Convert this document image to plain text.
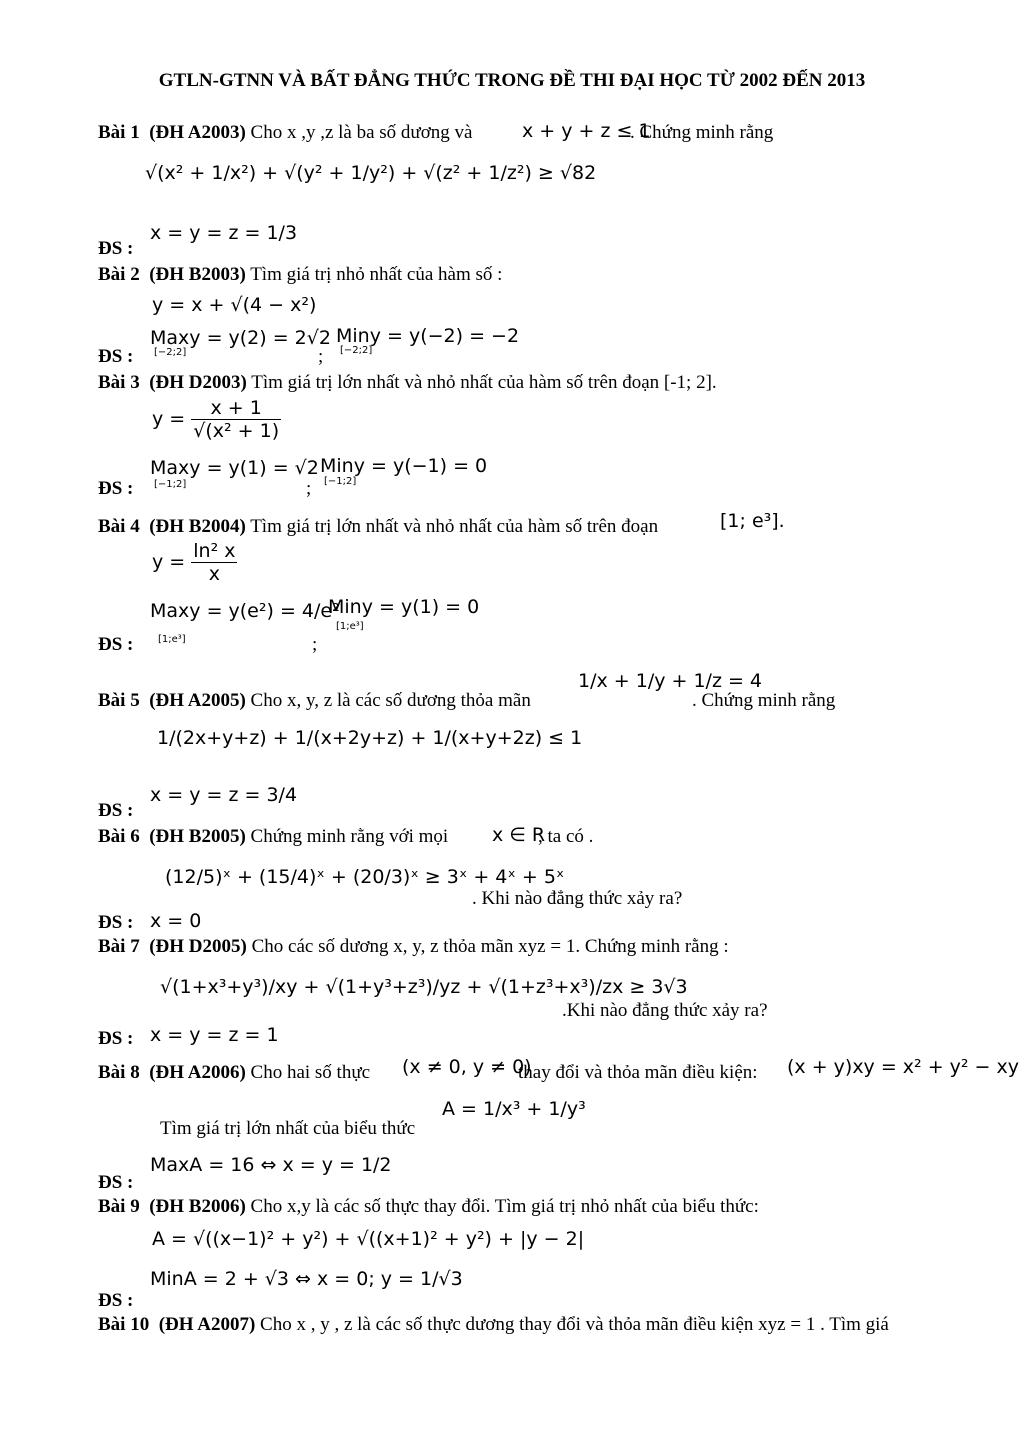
GTLN-GTNN VÀ BẤT ĐẲNG THỨC TRONG ĐỀ THI ĐẠI HỌC TỪ 2002 ĐẾN 2013
Bài 1 (ĐH A2003) Cho x ,y ,z là ba số dương và	x + y + z ≤ 1
. Chứng minh rằng
√(x² + 1/x²) + √(y² + 1/y²) + √(z² + 1/z²) ≥ √82
ĐS :
x = y = z = 1/3
Bài 2 (ĐH B2003) Tìm giá trị nhỏ nhất của hàm số :
y = x + √(4 − x²)
ĐS :
Maxy = y(2) = 2√2
[−2;2]	;
Miny = y(−2) = −2
[−2;2]
Bài 3 (ĐH D2003) Tìm giá trị lớn nhất và nhỏ nhất của hàm số trên đoạn [-1; 2].
$y = \frac{x + 1}{\text{√(x² + 1)}}$
ĐS :
Maxy = y(1) = √2
[−1;2]	;
Miny = y(−1) = 0
[−1;2]
Bài 4 (ĐH B2004) Tìm giá trị lớn nhất và nhỏ nhất của hàm số trên đoạn	[1; e³].
$y = \frac{\text{ln² x}}{x}$
ĐS :
Maxy = y(e²) = 4/e²
[1;e³]	;
Miny = y(1) = 0
[1;e³]
Bài 5 (ĐH A2005) Cho x, y, z là các số dương thỏa mãn
1/x + 1/y + 1/z = 4
. Chứng minh rằng
1/(2x+y+z) + 1/(x+2y+z) + 1/(x+y+2z) ≤ 1
ĐS :
x = y = z = 3/4
Bài 6 (ĐH B2005) Chứng minh rằng với mọi x ∈ R
, ta có .
(12/5)ˣ + (15/4)ˣ + (20/3)ˣ ≥ 3ˣ + 4ˣ + 5ˣ
. Khi nào đẳng thức xảy ra?
ĐS : x = 0
Bài 7 (ĐH D2005) Cho các số dương x, y, z thỏa mãn xyz = 1. Chứng minh rằng :
√(1+x³+y³)/xy + √(1+y³+z³)/yz + √(1+z³+x³)/zx ≥ 3√3
.Khi nào đẳng thức xảy ra?
ĐS : x = y = z = 1
Bài 8 (ĐH A2006) Cho hai số thực (x ≠ 0, y ≠ 0)
thay đổi và thỏa mãn điều kiện: (x + y)xy = x² + y² − xy
Tìm giá trị lớn nhất của biểu thức
A = 1/x³ + 1/y³
ĐS :
MaxA = 16 ⇔ x = y = 1/2
Bài 9 (ĐH B2006) Cho x,y là các số thực thay đổi. Tìm giá trị nhỏ nhất của biểu thức:
A = √((x−1)² + y²) + √((x+1)² + y²) + |y − 2|
ĐS :
MinA = 2 + √3 ⇔ x = 0; y = 1/√3
Bài 10 (ĐH A2007) Cho x , y , z là các số thực dương thay đổi và thỏa mãn điều kiện xyz = 1 . Tìm giá
